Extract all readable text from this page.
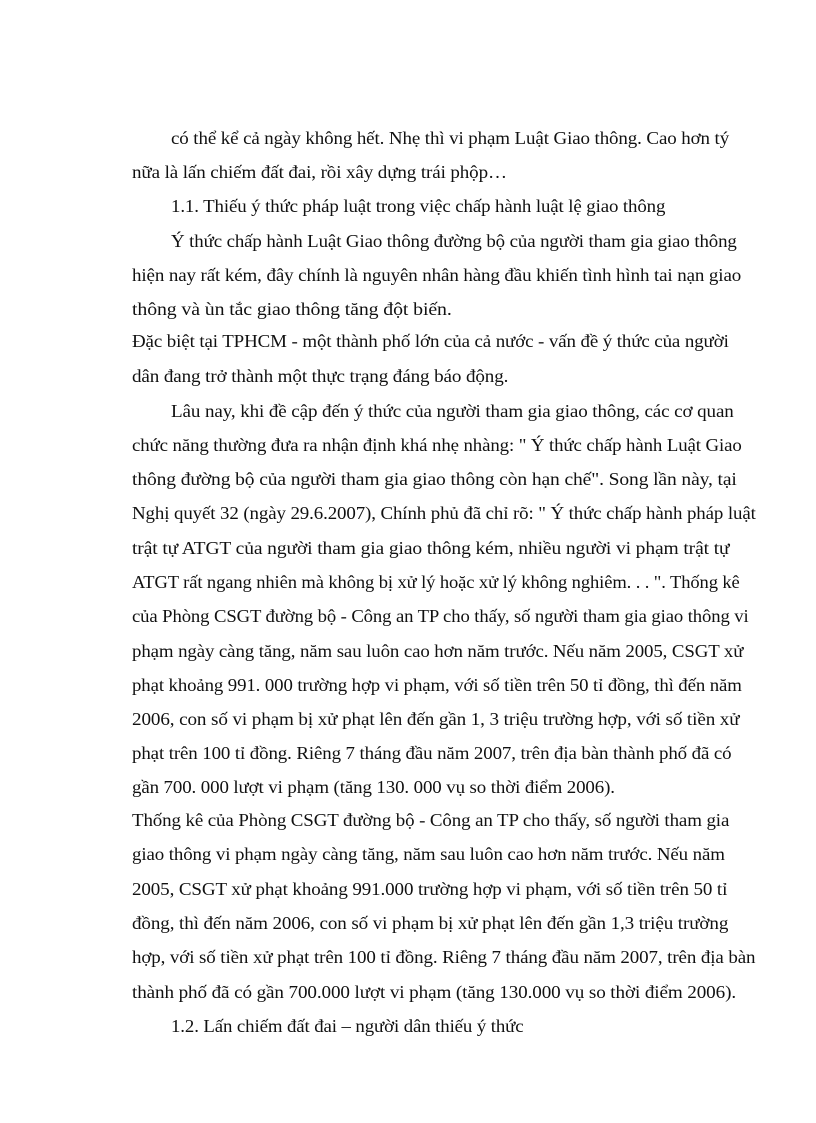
có thể kể cả ngày không hết. Nhẹ thì vi phạm Luật Giao thông. Cao hơn tý
nữa là lấn chiếm đất đai, rồi xây dựng trái phộp…
1.1. Thiếu ý thức pháp luật trong việc chấp hành luật lệ giao thông
Ý thức chấp hành Luật Giao thông đường bộ của người tham gia giao thông
hiện nay rất kém, đây chính là nguyên nhân hàng đầu khiến tình hình tai nạn giao
thông và ùn tắc giao thông tăng đột biến.
Đặc biệt tại TPHCM - một thành phố lớn của cả nước - vấn đề ý thức của người
dân đang trở thành một thực trạng đáng báo động.
Lâu nay, khi đề cập đến ý thức của người tham gia giao thông, các cơ quan
chức năng thường đưa ra nhận định khá nhẹ nhàng: " Ý thức chấp hành Luật Giao
thông đường bộ của người tham gia giao thông còn hạn chế". Song lần này, tại
Nghị quyết 32 (ngày 29.6.2007), Chính phủ đã chỉ rõ: " Ý thức chấp hành pháp luật
trật tự ATGT của người tham gia giao thông kém, nhiều người vi phạm trật tự
ATGT rất ngang nhiên mà không bị xử lý hoặc xử lý không nghiêm. . . ". Thống kê
của Phòng CSGT đường bộ - Công an TP cho thấy, số người tham gia giao thông vi
phạm ngày càng tăng, năm sau luôn cao hơn năm trước. Nếu năm 2005, CSGT xử
phạt khoảng 991. 000 trường hợp vi phạm, với số tiền trên 50 tỉ đồng, thì đến năm
2006, con số vi phạm bị xử phạt lên đến gần 1, 3 triệu trường hợp, với số tiền xử
phạt trên 100 tỉ đồng. Riêng 7 tháng đầu năm 2007, trên địa bàn thành phố đã có
gần 700. 000 lượt vi phạm (tăng 130. 000 vụ so thời điểm 2006).
Thống kê của Phòng CSGT đường bộ - Công an TP cho thấy, số người tham gia
giao thông vi phạm ngày càng tăng, năm sau luôn cao hơn năm trước. Nếu năm
2005, CSGT xử phạt khoảng 991.000 trường hợp vi phạm, với số tiền trên 50 tỉ
đồng, thì đến năm 2006, con số vi phạm bị xử phạt lên đến gần 1,3 triệu trường
hợp, với số tiền xử phạt trên 100 tỉ đồng. Riêng 7 tháng đầu năm 2007, trên địa bàn
thành phố đã có gần 700.000 lượt vi phạm (tăng 130.000 vụ so thời điểm 2006).
1.2. Lấn chiếm đất đai – người dân thiếu ý thức
